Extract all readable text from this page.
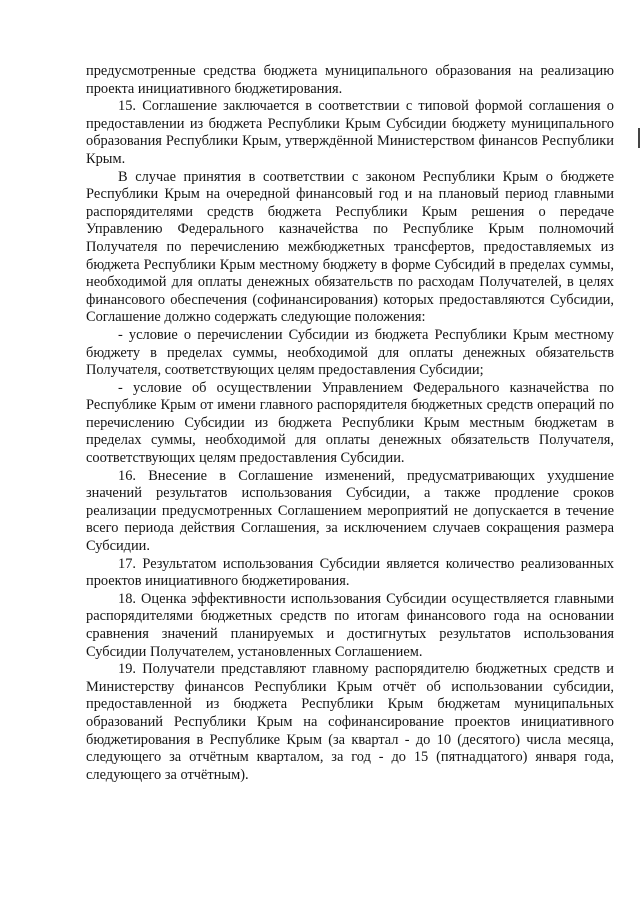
предусмотренные средства бюджета муниципального образования на реализацию проекта инициативного бюджетирования.

15. Соглашение заключается в соответствии с типовой формой соглашения о предоставлении из бюджета Республики Крым Субсидии бюджету муниципального образования Республики Крым, утверждённой Министерством финансов Республики Крым.

В случае принятия в соответствии с законом Республики Крым о бюджете Республики Крым на очередной финансовый год и на плановый период главными распорядителями средств бюджета Республики Крым решения о передаче Управлению Федерального казначейства по Республике Крым полномочий Получателя по перечислению межбюджетных трансфертов, предоставляемых из бюджета Республики Крым местному бюджету в форме Субсидий в пределах суммы, необходимой для оплаты денежных обязательств по расходам Получателей, в целях финансового обеспечения (софинансирования) которых предоставляются Субсидии, Соглашение должно содержать следующие положения:

- условие о перечислении Субсидии из бюджета Республики Крым местному бюджету в пределах суммы, необходимой для оплаты денежных обязательств Получателя, соответствующих целям предоставления Субсидии;

- условие об осуществлении Управлением Федерального казначейства по Республике Крым от имени главного распорядителя бюджетных средств операций по перечислению Субсидии из бюджета Республики Крым местным бюджетам в пределах суммы, необходимой для оплаты денежных обязательств Получателя, соответствующих целям предоставления Субсидии.

16. Внесение в Соглашение изменений, предусматривающих ухудшение значений результатов использования Субсидии, а также продление сроков реализации предусмотренных Соглашением мероприятий не допускается в течение всего периода действия Соглашения, за исключением случаев сокращения размера Субсидии.

17. Результатом использования Субсидии является количество реализованных проектов инициативного бюджетирования.

18. Оценка эффективности использования Субсидии осуществляется главными распорядителями бюджетных средств по итогам финансового года на основании сравнения значений планируемых и достигнутых результатов использования Субсидии Получателем, установленных Соглашением.

19. Получатели представляют главному распорядителю бюджетных средств и Министерству финансов Республики Крым отчёт об использовании субсидии, предоставленной из бюджета Республики Крым бюджетам муниципальных образований Республики Крым на софинансирование проектов инициативного бюджетирования в Республике Крым (за квартал - до 10 (десятого) числа месяца, следующего за отчётным кварталом, за год - до 15 (пятнадцатого) января года, следующего за отчётным).
